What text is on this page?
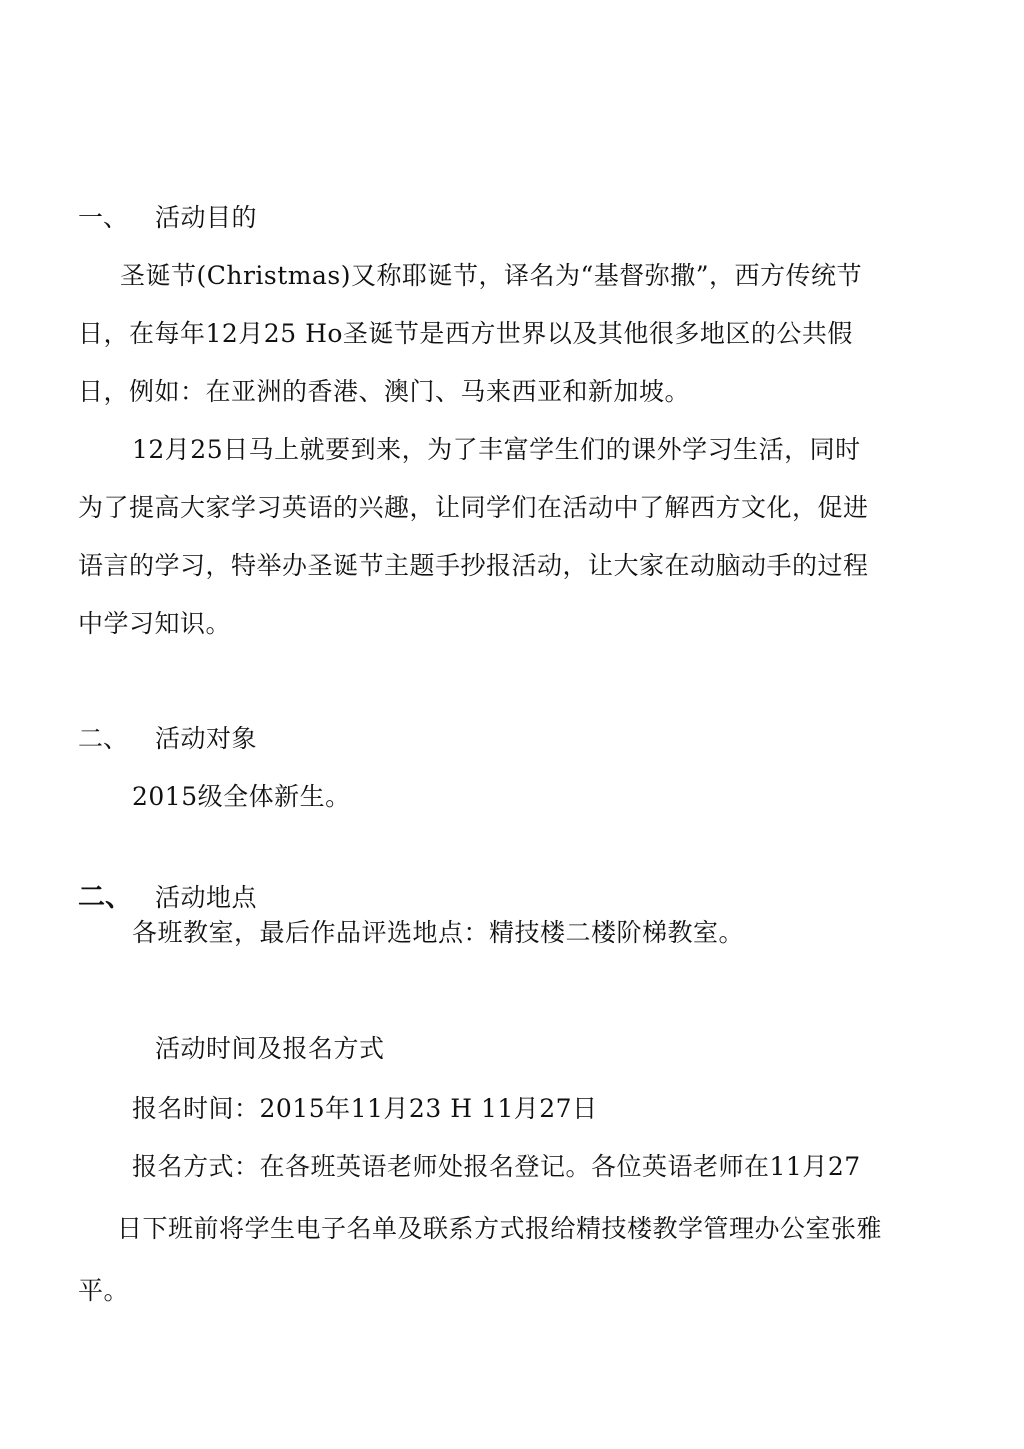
一、 活动目的
圣诞节(Christmas)又称耶诞节，译名为“基督弥撒”，西方传统节
日，在每年12月25 Ho圣诞节是西方世界以及其他很多地区的公共假
日，例如：在亚洲的香港、澳门、马来西亚和新加坡。
12月25日马上就要到来，为了丰富学生们的课外学习生活，同时
为了提高大家学习英语的兴趣，让同学们在活动中了解西方文化，促进
语言的学习，特举办圣诞节主题手抄报活动，让大家在动脑动手的过程
中学习知识。
二、 活动对象
2015级全体新生。
二、 活动地点
各班教室，最后作品评选地点：精技楼二楼阶梯教室。
活动时间及报名方式
报名时间：2015年11月23 H 11月27日
报名方式：在各班英语老师处报名登记。各位英语老师在11月27
日下班前将学生电子名单及联系方式报给精技楼教学管理办公室张雅
平。
